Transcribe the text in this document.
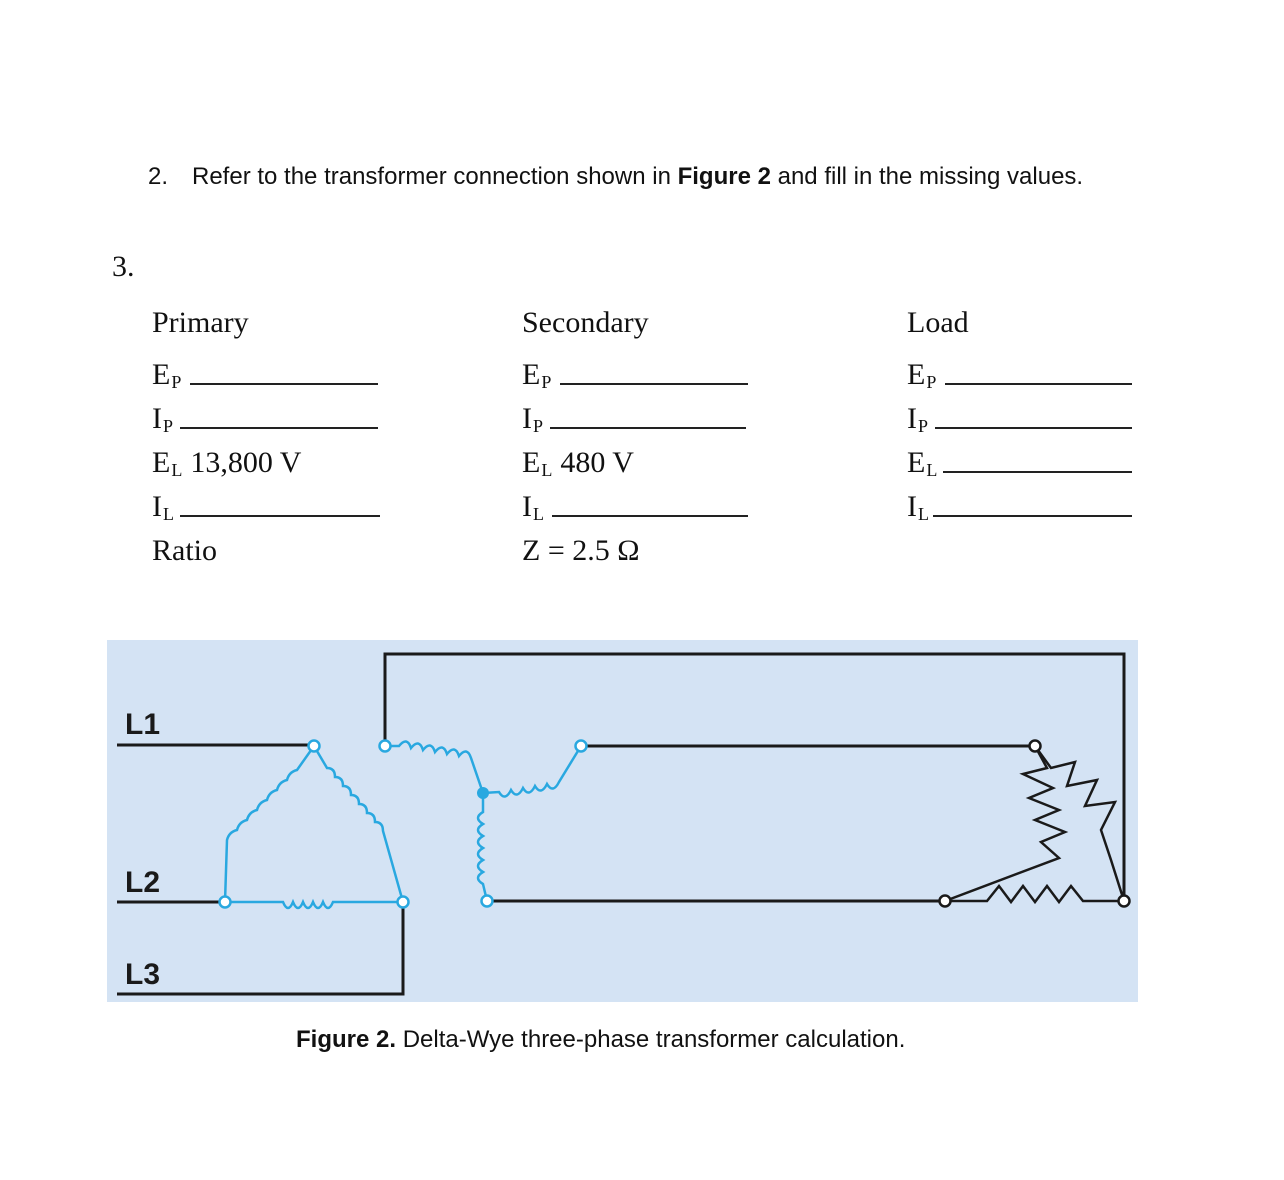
2. Refer to the transformer connection shown in Figure 2 and fill in the missing values.
3.
Primary
$E_P$
$I_P$
$E_L$ 13,800 V
$I_L$
Ratio
Secondary
$E_P$
$I_P$
$E_L$ 480 V
$I_L$
Z = 2.5 Ω
Load
$E_P$
$I_P$
$E_L$
$I_L$
L1
L2
L3
Figure 2. Delta-Wye three-phase transformer calculation.
